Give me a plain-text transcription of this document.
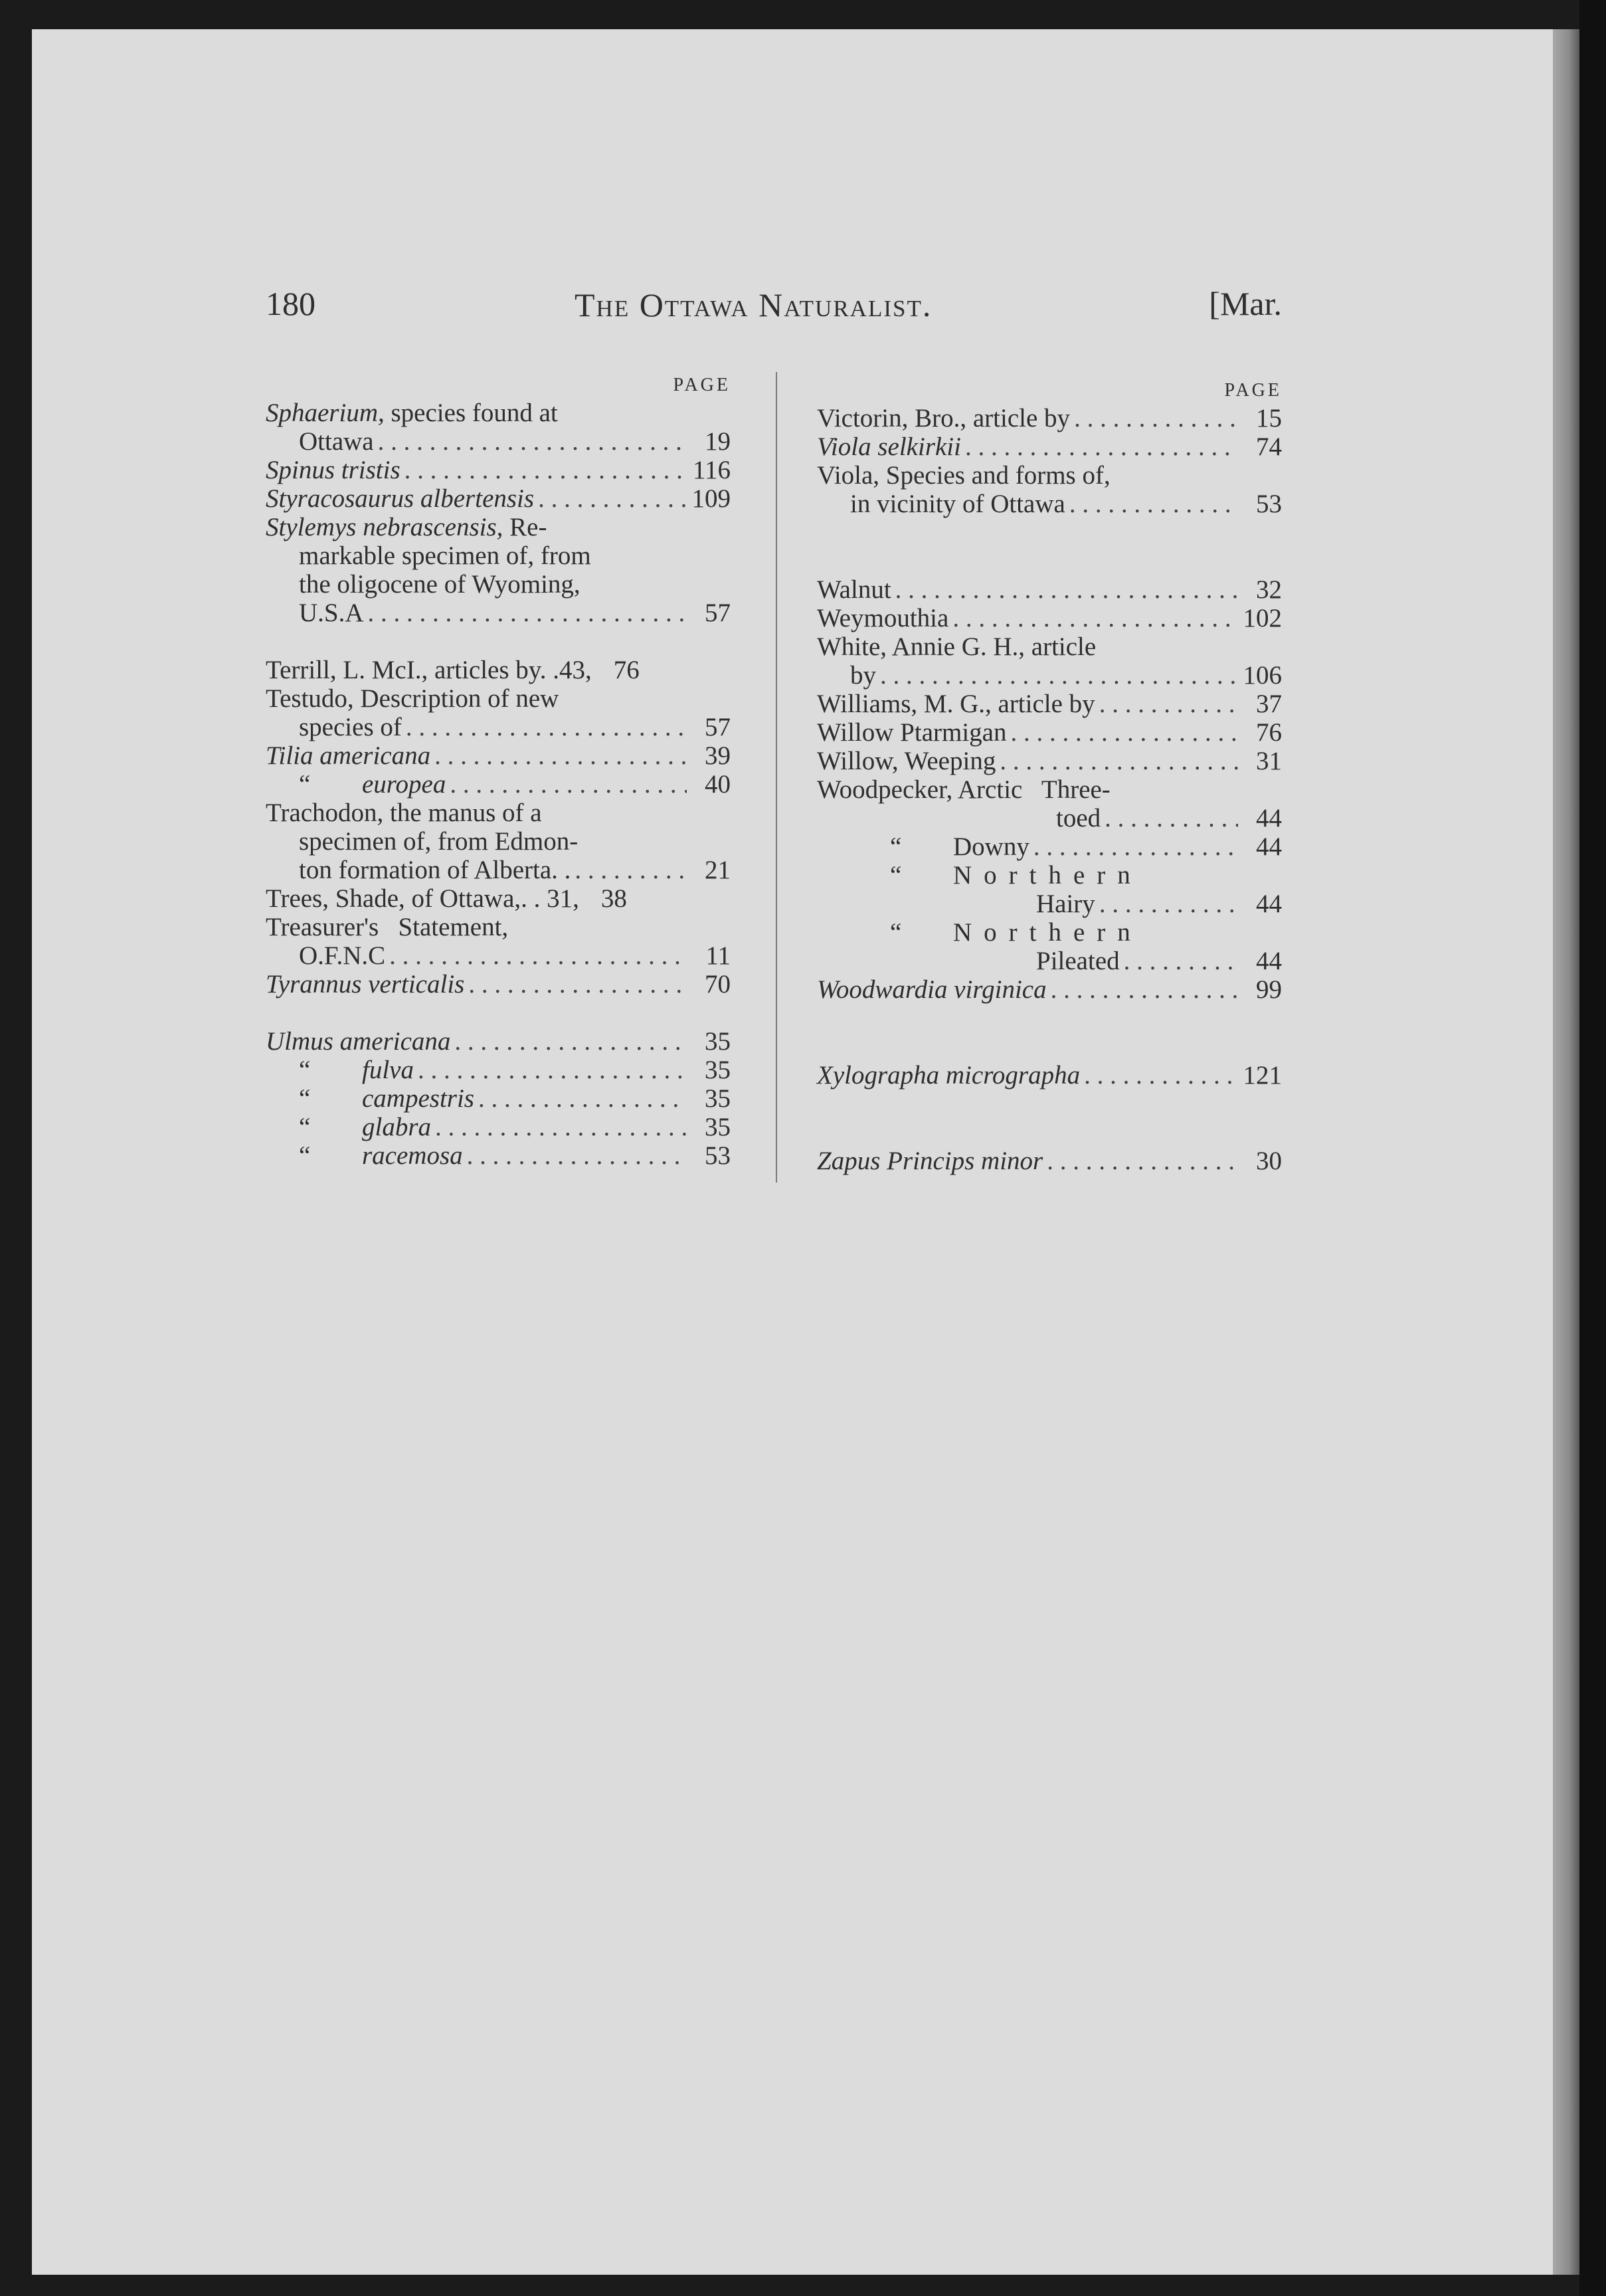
180	The Ottawa Naturalist.	[Mar.
PAGE
Sphaerium, species found at
Ottawa . . .	19
Spinus tristis . . .	116
Styracosaurus albertensis . . .	109
Stylemys nebrascensis, Re-
markable specimen of, from
the oligocene of Wyoming,
U.S.A . . .	57
Terrill, L. McI., articles by. .43, 76
Testudo, Description of new
species of . . .	57
Tilia americana . . .	39
“ europea . . .	40
Trachodon, the manus of a
specimen of, from Edmon-
ton formation of Alberta. . . . .	21
Trees, Shade, of Ottawa,. . 31, 38
Treasurer's   Statement,
O.F.N.C . . .	11
Tyrannus verticalis . . .	70
Ulmus americana . . .	35
“ fulva . . .	35
“ campestris . . .	35
“ glabra . . .	35
“ racemosa . . .	53
PAGE
Victorin, Bro., article by . . .	15
Viola selkirkii . . .	74
Viola, Species and forms of,
in vicinity of Ottawa . . .	53
Walnut . . .	32
Weymouthia . . .	102
White, Annie G. H., article
by . . .	106
Williams, M. G., article by . . .	37
Willow Ptarmigan . . .	76
Willow, Weeping . . .	31
Woodpecker, Arctic   Three-
toed . . .	44
“ Downy . . .	44
“ Northern
Hairy . . .	44
“ Northern
Pileated . . .	44
Woodwardia virginica . . .	99
Xylographa micrographa . . .	121
Zapus Princips minor . . .	30
